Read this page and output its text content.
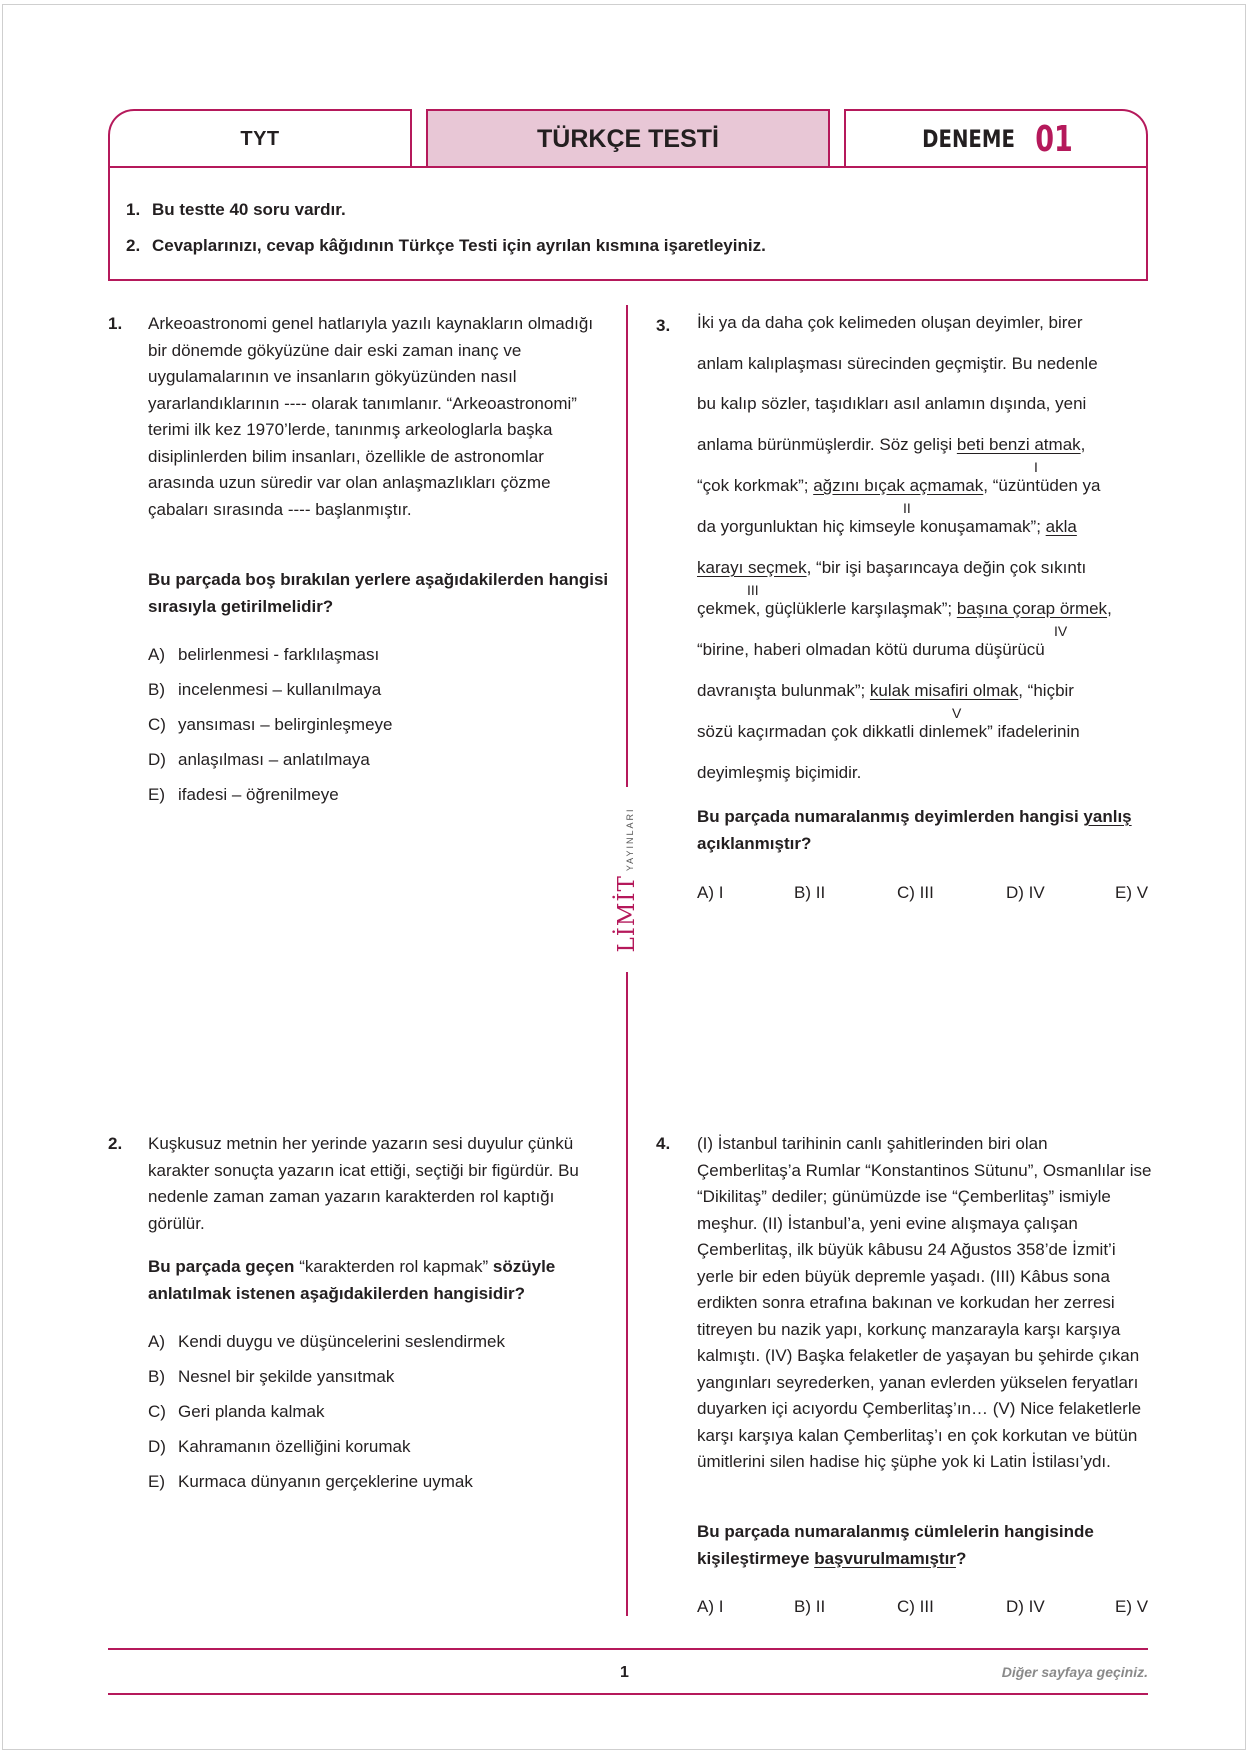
TYT	TÜRKÇE TESTİ	DENEME 01
1. Bu testte 40 soru vardır.
2. Cevaplarınızı, cevap kâğıdının Türkçe Testi için ayrılan kısmına işaretleyiniz.
LİMİTYAYINLARI
1. Arkeoastronomi genel hatlarıyla yazılı kaynakların olmadığı bir dönemde gökyüzüne dair eski zaman inanç ve uygulamalarının ve insanların gökyüzünden nasıl yararlandıklarının ---- olarak tanımlanır. “Arkeoastronomi” terimi ilk kez 1970’lerde, tanınmış arkeologlarla başka disiplinlerden bilim insanları, özellikle de astronomlar arasında uzun süredir var olan anlaşmazlıkları çözme çabaları sırasında ---- başlanmıştır.

Bu parçada boş bırakılan yerlere aşağıdakilerden hangisi sırasıyla getirilmelidir?

A) belirlenmesi - farklılaşması
B) incelenmesi – kullanılmaya
C) yansıması – belirginleşmeye
D) anlaşılması – anlatılmaya
E) ifadesi – öğrenilmeye
2. Kuşkusuz metnin her yerinde yazarın sesi duyulur çünkü karakter sonuçta yazarın icat ettiği, seçtiği bir figürdür. Bu nedenle zaman zaman yazarın karakterden rol kaptığı görülür.

Bu parçada geçen “karakterden rol kapmak” sözüyle anlatılmak istenen aşağıdakilerden hangisidir?

A) Kendi duygu ve düşüncelerini seslendirmek
B) Nesnel bir şekilde yansıtmak
C) Geri planda kalmak
D) Kahramanın özelliğini korumak
E) Kurmaca dünyanın gerçeklerine uymak
3. İki ya da daha çok kelimeden oluşan deyimler, birer
anlam kalıplaşması sürecinden geçmiştir. Bu nedenle
bu kalıp sözler, taşıdıkları asıl anlamın dışında, yeni
anlama bürünmüşlerdir. Söz gelişi beti benzi atmak,
I
“çok korkmak”; ağzını bıçak açmamak, “üzüntüden ya
II
da yorgunluktan hiç kimseyle konuşamamak”; akla
karayı seçmek, “bir işi başarıncaya değin çok sıkıntı
III
çekmek, güçlüklerle karşılaşmak”; başına çorap örmek,
IV
“birine, haberi olmadan kötü duruma düşürücü
davranışta bulunmak”; kulak misafiri olmak, “hiçbir
V
sözü kaçırmadan çok dikkatli dinlemek” ifadelerinin
deyimleşmiş biçimidir.

Bu parçada numaralanmış deyimlerden hangisi yanlış açıklanmıştır?

A) I	B) II	C) III	D) IV	E) V
4. (I) İstanbul tarihinin canlı şahitlerinden biri olan Çemberlitaş’a Rumlar “Konstantinos Sütunu”, Osmanlılar ise “Dikilitaş” dediler; günümüzde ise “Çemberlitaş” ismiyle meşhur. (II) İstanbul’a, yeni evine alışmaya çalışan Çemberlitaş, ilk büyük kâbusu 24 Ağustos 358’de İzmit’i yerle bir eden büyük depremle yaşadı. (III) Kâbus sona erdikten sonra etrafına bakınan ve korkudan her zerresi titreyen bu nazik yapı, korkunç manzarayla karşı karşıya kalmıştı. (IV) Başka felaketler de yaşayan bu şehirde çıkan yangınları seyrederken, yanan evlerden yükselen feryatları duyarken içi acıyordu Çemberlitaş’ın… (V) Nice felaketlerle karşı karşıya kalan Çemberlitaş’ı en çok korkutan ve bütün ümitlerini silen hadise hiç şüphe yok ki Latin İstilası’ydı.

Bu parçada numaralanmış cümlelerin hangisinde kişileştirmeye başvurulmamıştır?

A) I	B) II	C) III	D) IV	E) V
1	Diğer sayfaya geçiniz.
